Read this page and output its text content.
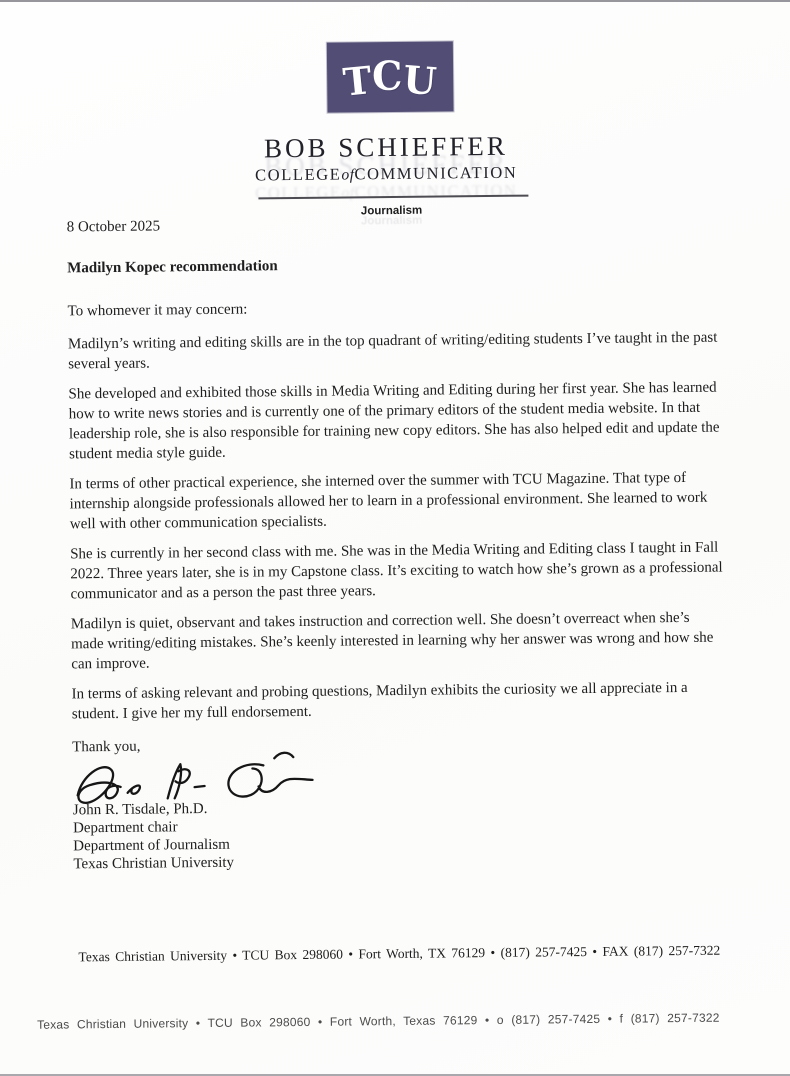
T
C
U
BOB SCHIEFFER
COLLEGEofCOMMUNICATION
Journalism

8 October 2025

Madilyn Kopec recommendation

To whomever it may concern:

Madilyn’s writing and editing skills are in the top quadrant of writing/editing students I’ve taught in the past several years.

She developed and exhibited those skills in Media Writing and Editing during her first year. She has learned how to write news stories and is currently one of the primary editors of the student media website. In that leadership role, she is also responsible for training new copy editors. She has also helped edit and update the student media style guide.

In terms of other practical experience, she interned over the summer with TCU Magazine. That type of internship alongside professionals allowed her to learn in a professional environment. She learned to work well with other communication specialists.

She is currently in her second class with me. She was in the Media Writing and Editing class I taught in Fall 2022. Three years later, she is in my Capstone class. It’s exciting to watch how she’s grown as a professional communicator and as a person the past three years.

Madilyn is quiet, observant and takes instruction and correction well. She doesn’t overreact when she’s made writing/editing mistakes. She’s keenly interested in learning why her answer was wrong and how she can improve.

In terms of asking relevant and probing questions, Madilyn exhibits the curiosity we all appreciate in a student. I give her my full endorsement.

Thank you,

John R. Tisdale, Ph.D.
Department chair
Department of Journalism
Texas Christian University
Texas Christian University • TCU Box 298060 • Fort Worth, TX 76129 • (817) 257-7425 • FAX (817) 257-7322
Texas Christian University • TCU Box 298060 • Fort Worth, Texas 76129 • o (817) 257-7425 • f (817) 257-7322
